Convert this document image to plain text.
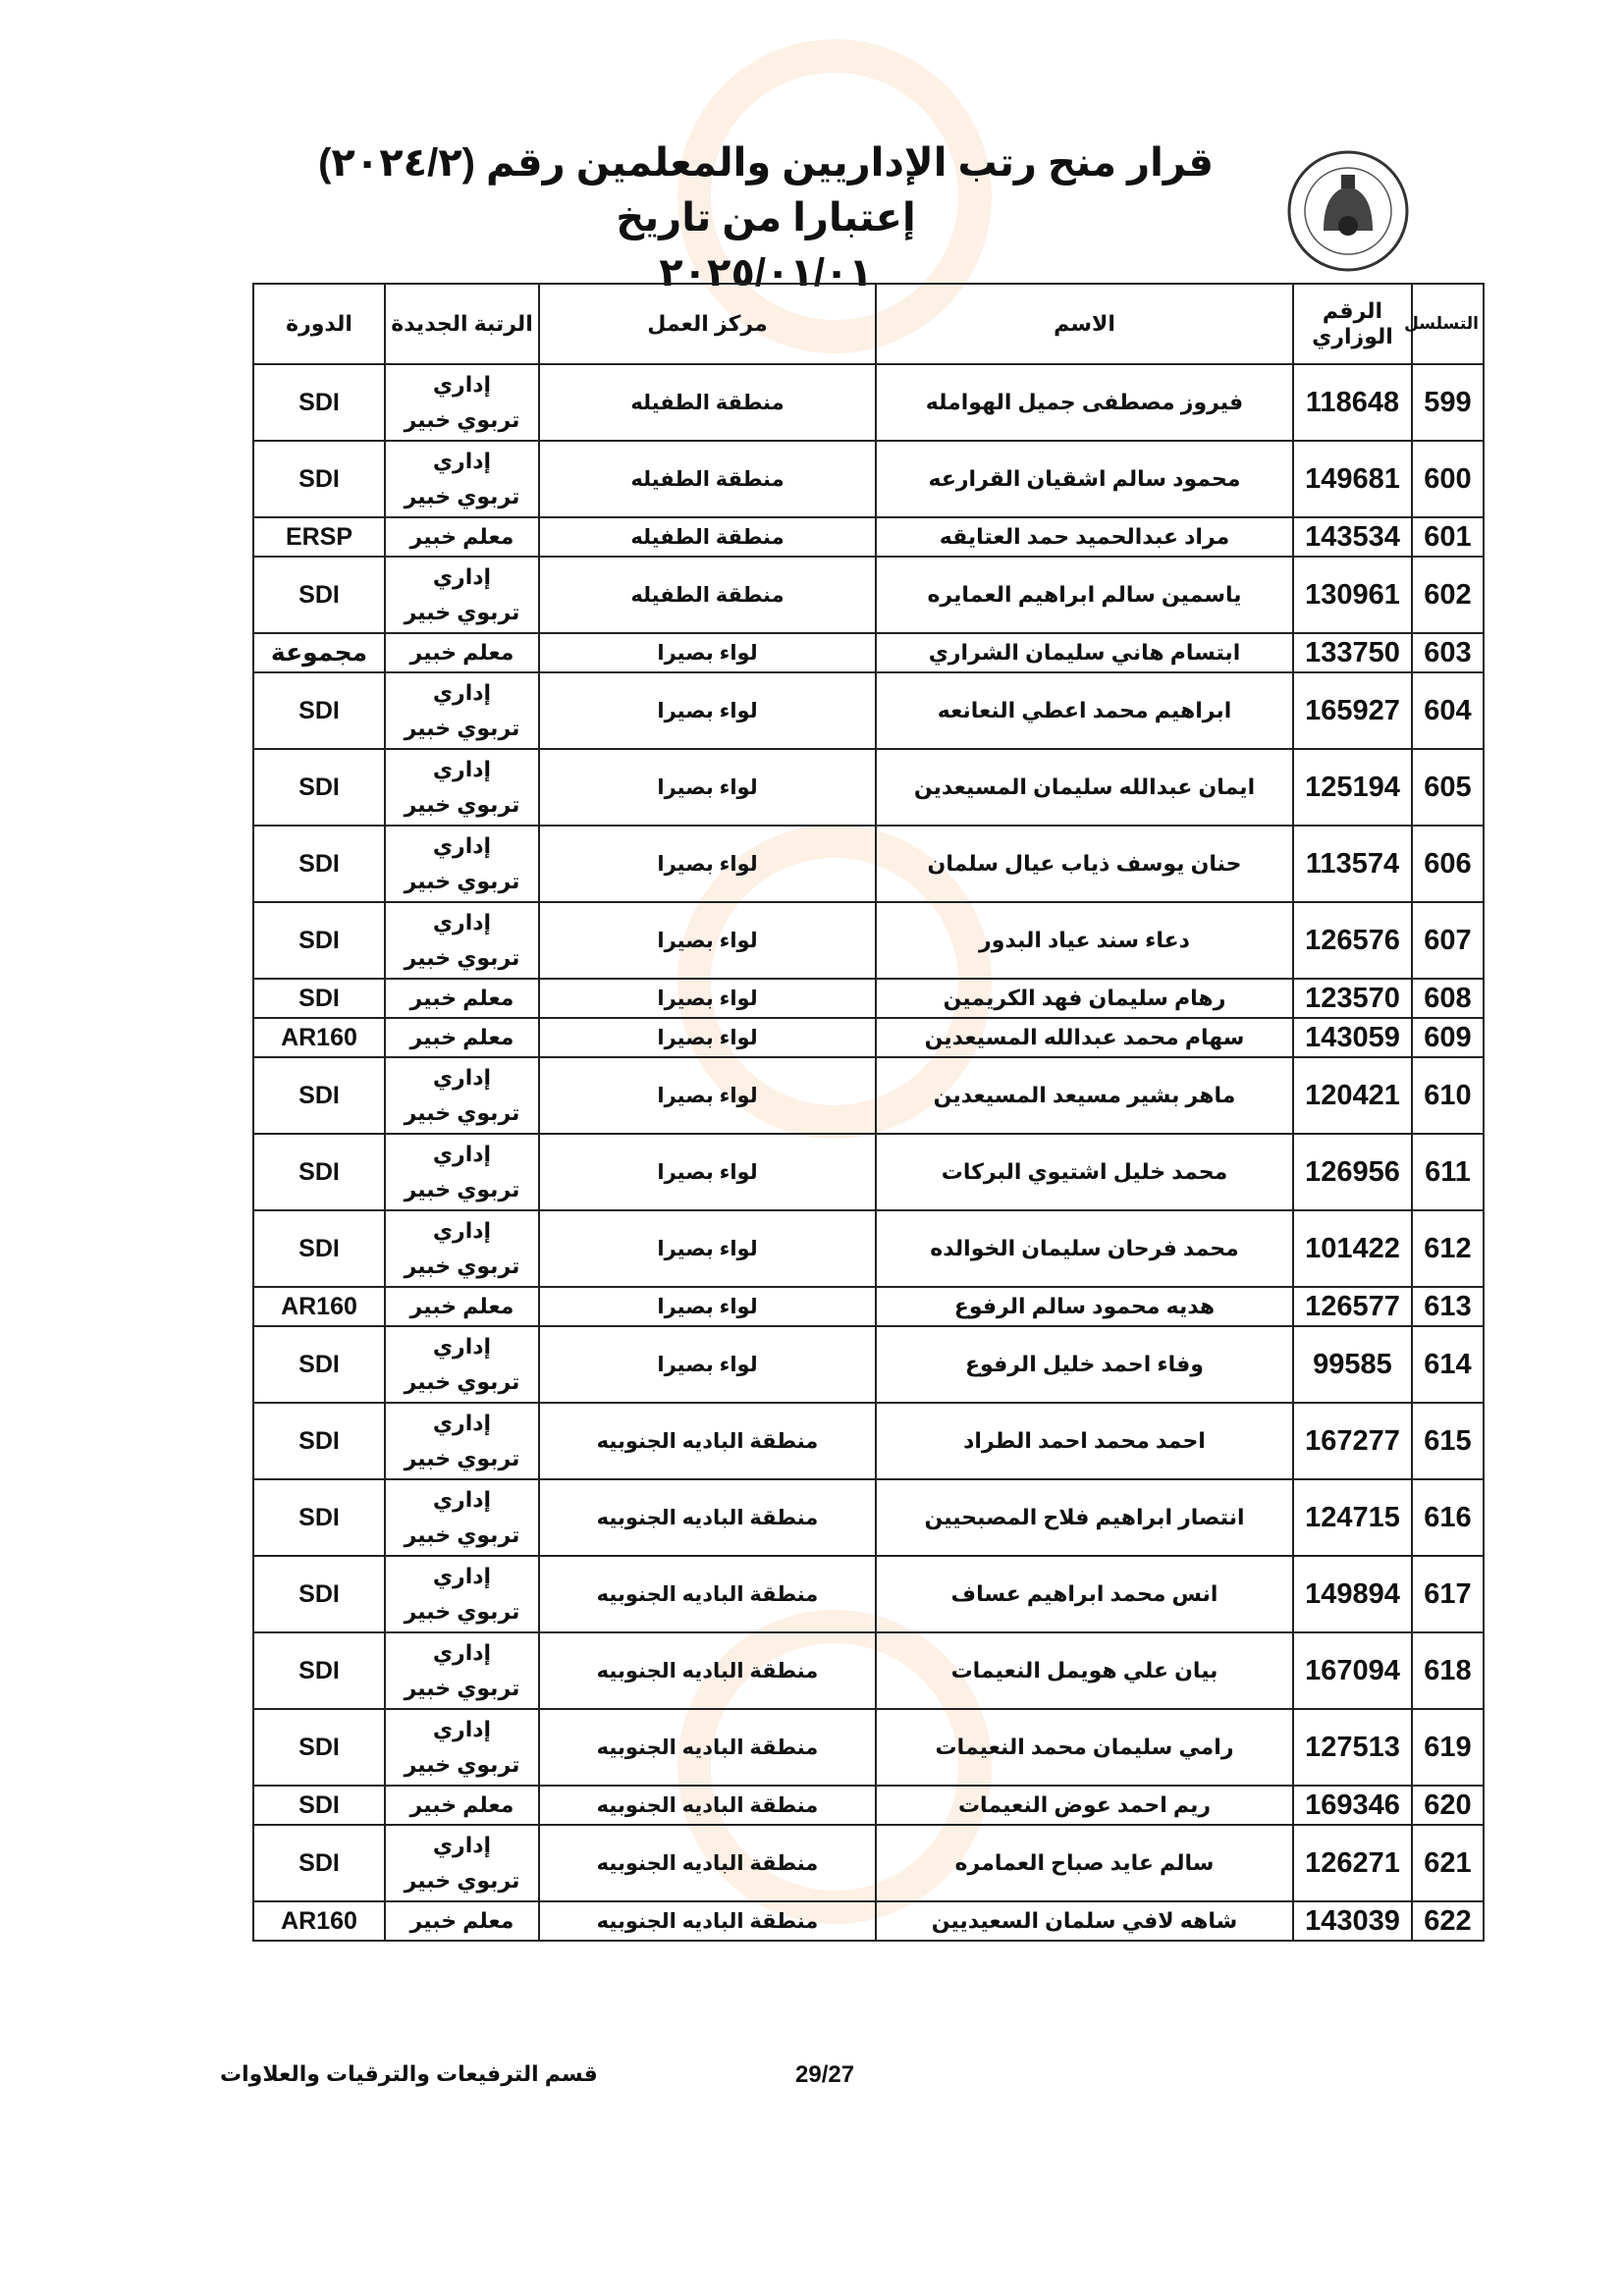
قرار منح رتب الإداريين والمعلمين رقم (٢٠٢٤/٢) إعتبارا من تاريخ
٢٠٢٥/٠١/٠١
التسلسل	الرقم الوزاري	الاسم	مركز العمل	الرتبة الجديدة	الدورة
599	118648	فيروز مصطفى جميل الهوامله	منطقة الطفيله	إداري تربوي خبير	SDI
600	149681	محمود سالم اشقيان القرارعه	منطقة الطفيله	إداري تربوي خبير	SDI
601	143534	مراد عبدالحميد حمد العتايقه	منطقة الطفيله	معلم خبير	ERSP
602	130961	ياسمين سالم ابراهيم العمايره	منطقة الطفيله	إداري تربوي خبير	SDI
603	133750	ابتسام هاني سليمان الشراري	لواء بصيرا	معلم خبير	مجموعة
604	165927	ابراهيم محمد اعطي النعانعه	لواء بصيرا	إداري تربوي خبير	SDI
605	125194	ايمان عبدالله سليمان المسيعدين	لواء بصيرا	إداري تربوي خبير	SDI
606	113574	حنان يوسف ذياب عيال سلمان	لواء بصيرا	إداري تربوي خبير	SDI
607	126576	دعاء سند عياد البدور	لواء بصيرا	إداري تربوي خبير	SDI
608	123570	رهام سليمان فهد الكريمين	لواء بصيرا	معلم خبير	SDI
609	143059	سهام محمد عبدالله المسيعدين	لواء بصيرا	معلم خبير	AR160
610	120421	ماهر بشير مسيعد المسيعدين	لواء بصيرا	إداري تربوي خبير	SDI
611	126956	محمد خليل اشتيوي البركات	لواء بصيرا	إداري تربوي خبير	SDI
612	101422	محمد فرحان سليمان الخوالده	لواء بصيرا	إداري تربوي خبير	SDI
613	126577	هديه محمود سالم الرفوع	لواء بصيرا	معلم خبير	AR160
614	99585	وفاء احمد خليل الرفوع	لواء بصيرا	إداري تربوي خبير	SDI
615	167277	احمد محمد احمد الطراد	منطقة الباديه الجنوبيه	إداري تربوي خبير	SDI
616	124715	انتصار ابراهيم فلاح المصبحيين	منطقة الباديه الجنوبيه	إداري تربوي خبير	SDI
617	149894	انس محمد ابراهيم عساف	منطقة الباديه الجنوبيه	إداري تربوي خبير	SDI
618	167094	بيان علي هويمل النعيمات	منطقة الباديه الجنوبيه	إداري تربوي خبير	SDI
619	127513	رامي سليمان محمد النعيمات	منطقة الباديه الجنوبيه	إداري تربوي خبير	SDI
620	169346	ريم احمد عوض النعيمات	منطقة الباديه الجنوبيه	معلم خبير	SDI
621	126271	سالم عايد صباح العمامره	منطقة الباديه الجنوبيه	إداري تربوي خبير	SDI
622	143039	شاهه لافي سلمان السعيديين	منطقة الباديه الجنوبيه	معلم خبير	AR160
قسم الترفيعات والترقيات والعلاوات	29/27
